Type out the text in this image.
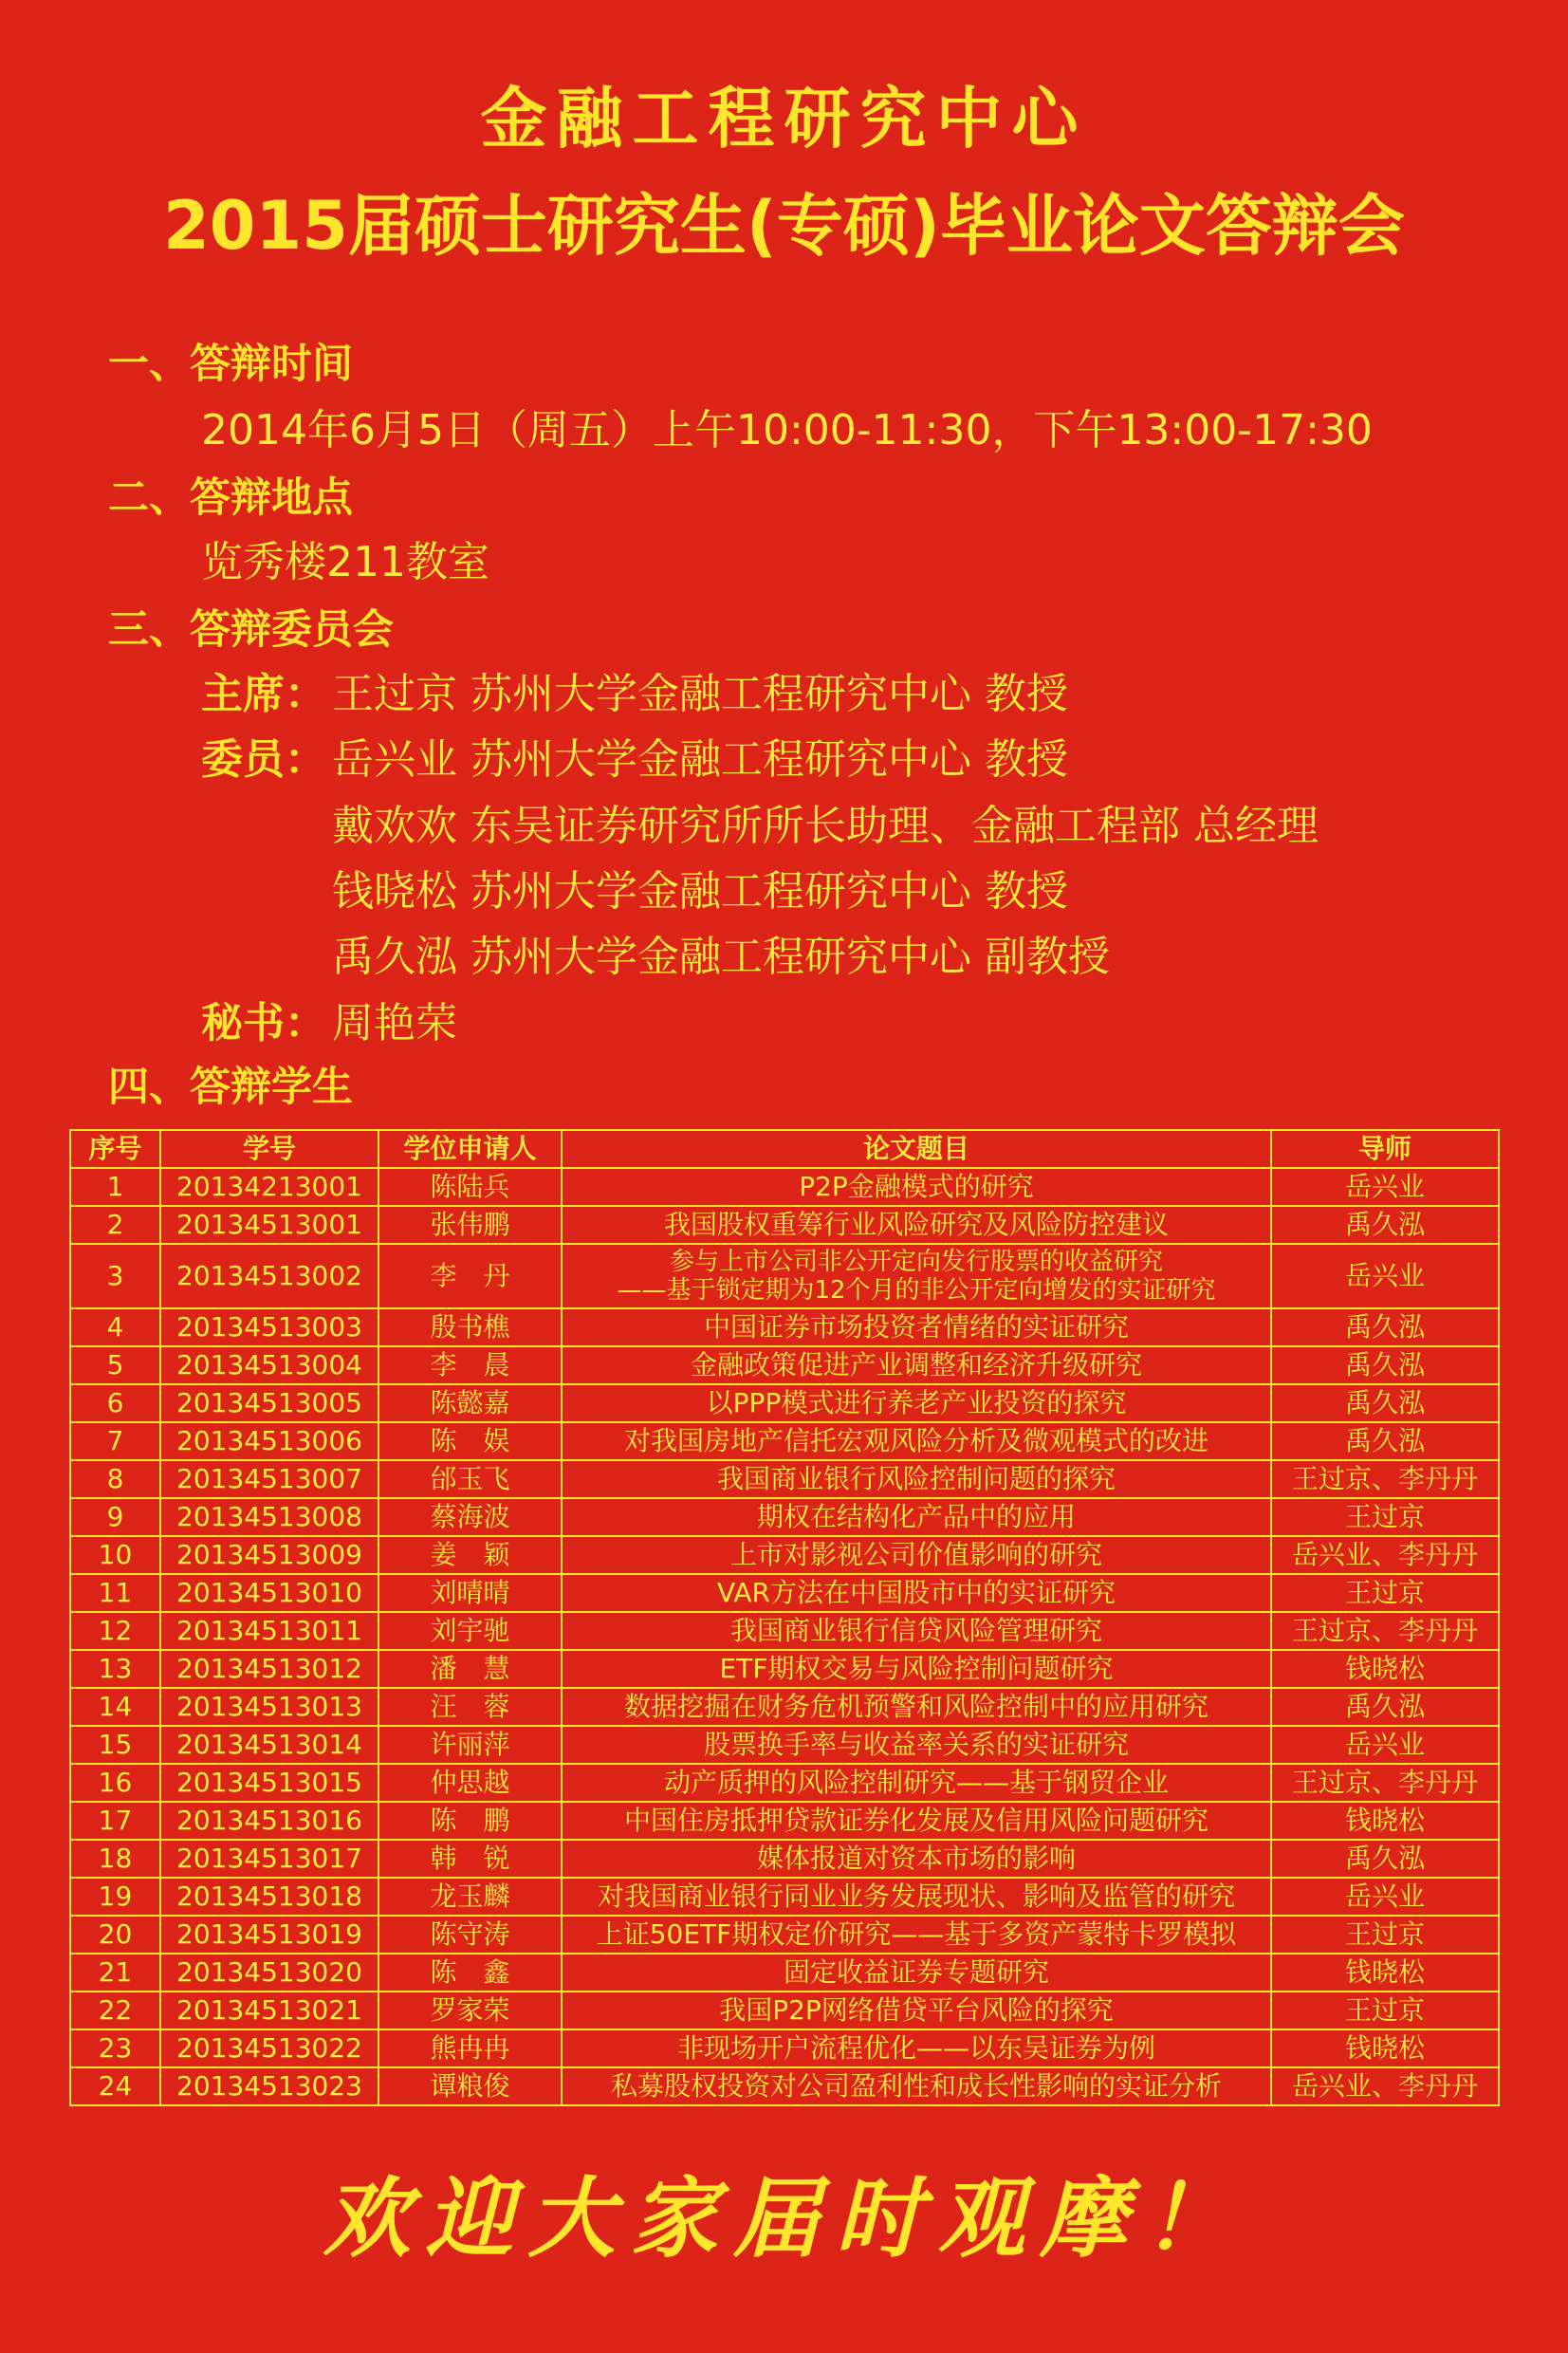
金融工程研究中心
2015届硕士研究生(专硕)毕业论文答辩会
一、答辩时间
2014年6月5日（周五）上午10:00-11:30，下午13:00-17:30
二、答辩地点
览秀楼211教室
三、答辩委员会
主席： 王过京 苏州大学金融工程研究中心 教授
委员： 岳兴业 苏州大学金融工程研究中心 教授
戴欢欢 东吴证券研究所所长助理、金融工程部 总经理
钱晓松 苏州大学金融工程研究中心 教授
禹久泓 苏州大学金融工程研究中心 副教授
秘书： 周艳荣
四、答辩学生
序号	学号	学位申请人	论文题目	导师
1	20134213001	陈陆兵	P2P金融模式的研究	岳兴业
2	20134513001	张伟鹏	我国股权重筹行业风险研究及风险防控建议	禹久泓
3	20134513002	李　丹	参与上市公司非公开定向发行股票的收益研究
——基于锁定期为12个月的非公开定向增发的实证研究	岳兴业
4	20134513003	殷书樵	中国证券市场投资者情绪的实证研究	禹久泓
5	20134513004	李　晨	金融政策促进产业调整和经济升级研究	禹久泓
6	20134513005	陈懿嘉	以PPP模式进行养老产业投资的探究	禹久泓
7	20134513006	陈　娱	对我国房地产信托宏观风险分析及微观模式的改进	禹久泓
8	20134513007	邰玉飞	我国商业银行风险控制问题的探究	王过京、李丹丹
9	20134513008	蔡海波	期权在结构化产品中的应用	王过京
10	20134513009	姜　颖	上市对影视公司价值影响的研究	岳兴业、李丹丹
11	20134513010	刘晴晴	VAR方法在中国股市中的实证研究	王过京
12	20134513011	刘宇驰	我国商业银行信贷风险管理研究	王过京、李丹丹
13	20134513012	潘　慧	ETF期权交易与风险控制问题研究	钱晓松
14	20134513013	汪　蓉	数据挖掘在财务危机预警和风险控制中的应用研究	禹久泓
15	20134513014	许丽萍	股票换手率与收益率关系的实证研究	岳兴业
16	20134513015	仲思越	动产质押的风险控制研究——基于钢贸企业	王过京、李丹丹
17	20134513016	陈　鹏	中国住房抵押贷款证券化发展及信用风险问题研究	钱晓松
18	20134513017	韩　锐	媒体报道对资本市场的影响	禹久泓
19	20134513018	龙玉麟	对我国商业银行同业业务发展现状、影响及监管的研究	岳兴业
20	20134513019	陈守涛	上证50ETF期权定价研究——基于多资产蒙特卡罗模拟	王过京
21	20134513020	陈　鑫	固定收益证券专题研究	钱晓松
22	20134513021	罗家荣	我国P2P网络借贷平台风险的探究	王过京
23	20134513022	熊冉冉	非现场开户流程优化——以东吴证券为例	钱晓松
24	20134513023	谭粮俊	私募股权投资对公司盈利性和成长性影响的实证分析	岳兴业、李丹丹
欢迎大家届时观摩！
